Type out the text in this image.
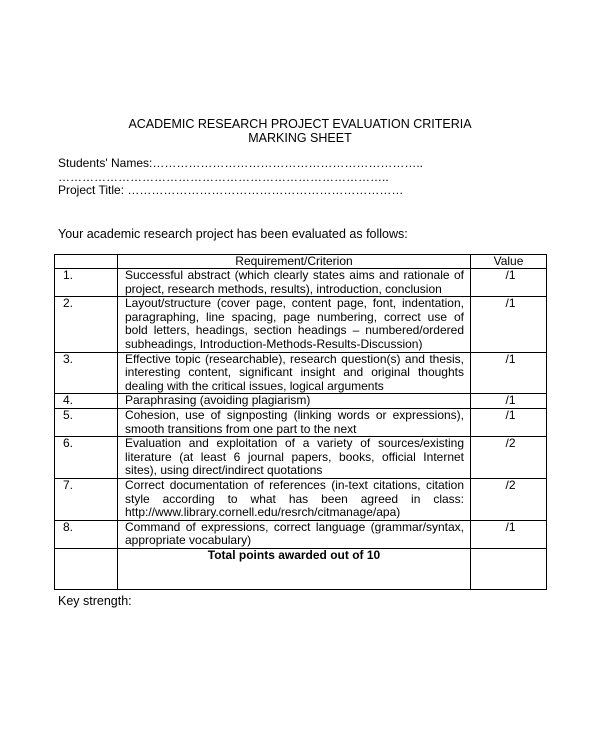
ACADEMIC RESEARCH PROJECT EVALUATION CRITERIA
MARKING SHEET
Students' Names:…………………………………………………………..
………………………………………………………………………..
Project Title: ……………………………………………………………
Your academic research project has been evaluated as follows:
	Requirement/Criterion	Value
1.	Successful abstract (which clearly states aims and rationale of project, research methods, results), introduction, conclusion	/1
2.	Layout/structure (cover page, content page, font, indentation, paragraphing, line spacing, page numbering, correct use of bold letters, headings, section headings – numbered/ordered subheadings, Introduction-Methods-Results-Discussion)	/1
3.	Effective topic (researchable), research question(s) and thesis, interesting content, significant insight and original thoughts dealing with the critical issues, logical arguments	/1
4.	Paraphrasing (avoiding plagiarism)	/1
5.	Cohesion, use of signposting (linking words or expressions), smooth transitions from one part to the next	/1
6.	Evaluation and exploitation of a variety of sources/existing literature (at least 6 journal papers, books, official Internet sites), using direct/indirect quotations	/2
7.	Correct documentation of references (in-text citations, citation style according to what has been agreed in class: http://www.library.cornell.edu/resrch/citmanage/apa)	/2
8.	Command of expressions, correct language (grammar/syntax, appropriate vocabulary)	/1
	Total points awarded out of 10	
Key strength:
